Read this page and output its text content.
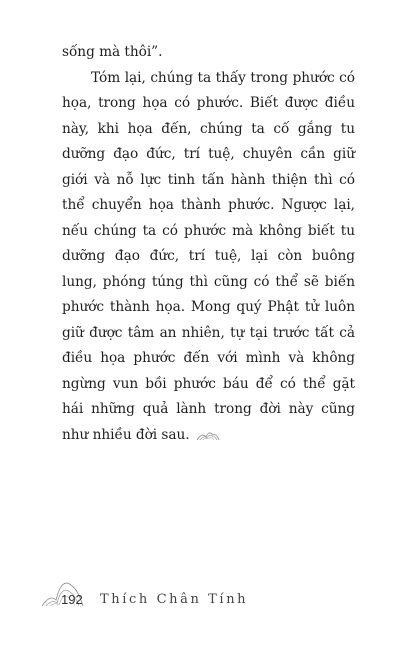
sống mà thôi”.

Tóm lại, chúng ta thấy trong phước có họa, trong họa có phước. Biết được điều này, khi họa đến, chúng ta cố gắng tu dưỡng đạo đức, trí tuệ, chuyên cần giữ giới và nỗ lực tinh tấn hành thiện thì có thể chuyển họa thành phước. Ngược lại, nếu chúng ta có phước mà không biết tu dưỡng đạo đức, trí tuệ, lại còn buông lung, phóng túng thì cũng có thể sẽ biến phước thành họa. Mong quý Phật tử luôn giữ được tâm an nhiên, tự tại trước tất cả điều họa phước đến với mình và không ngừng vun bồi phước báu để có thể gặt hái những quả lành trong đời này cũng như nhiều đời sau.

192 Thích Chân Tính
